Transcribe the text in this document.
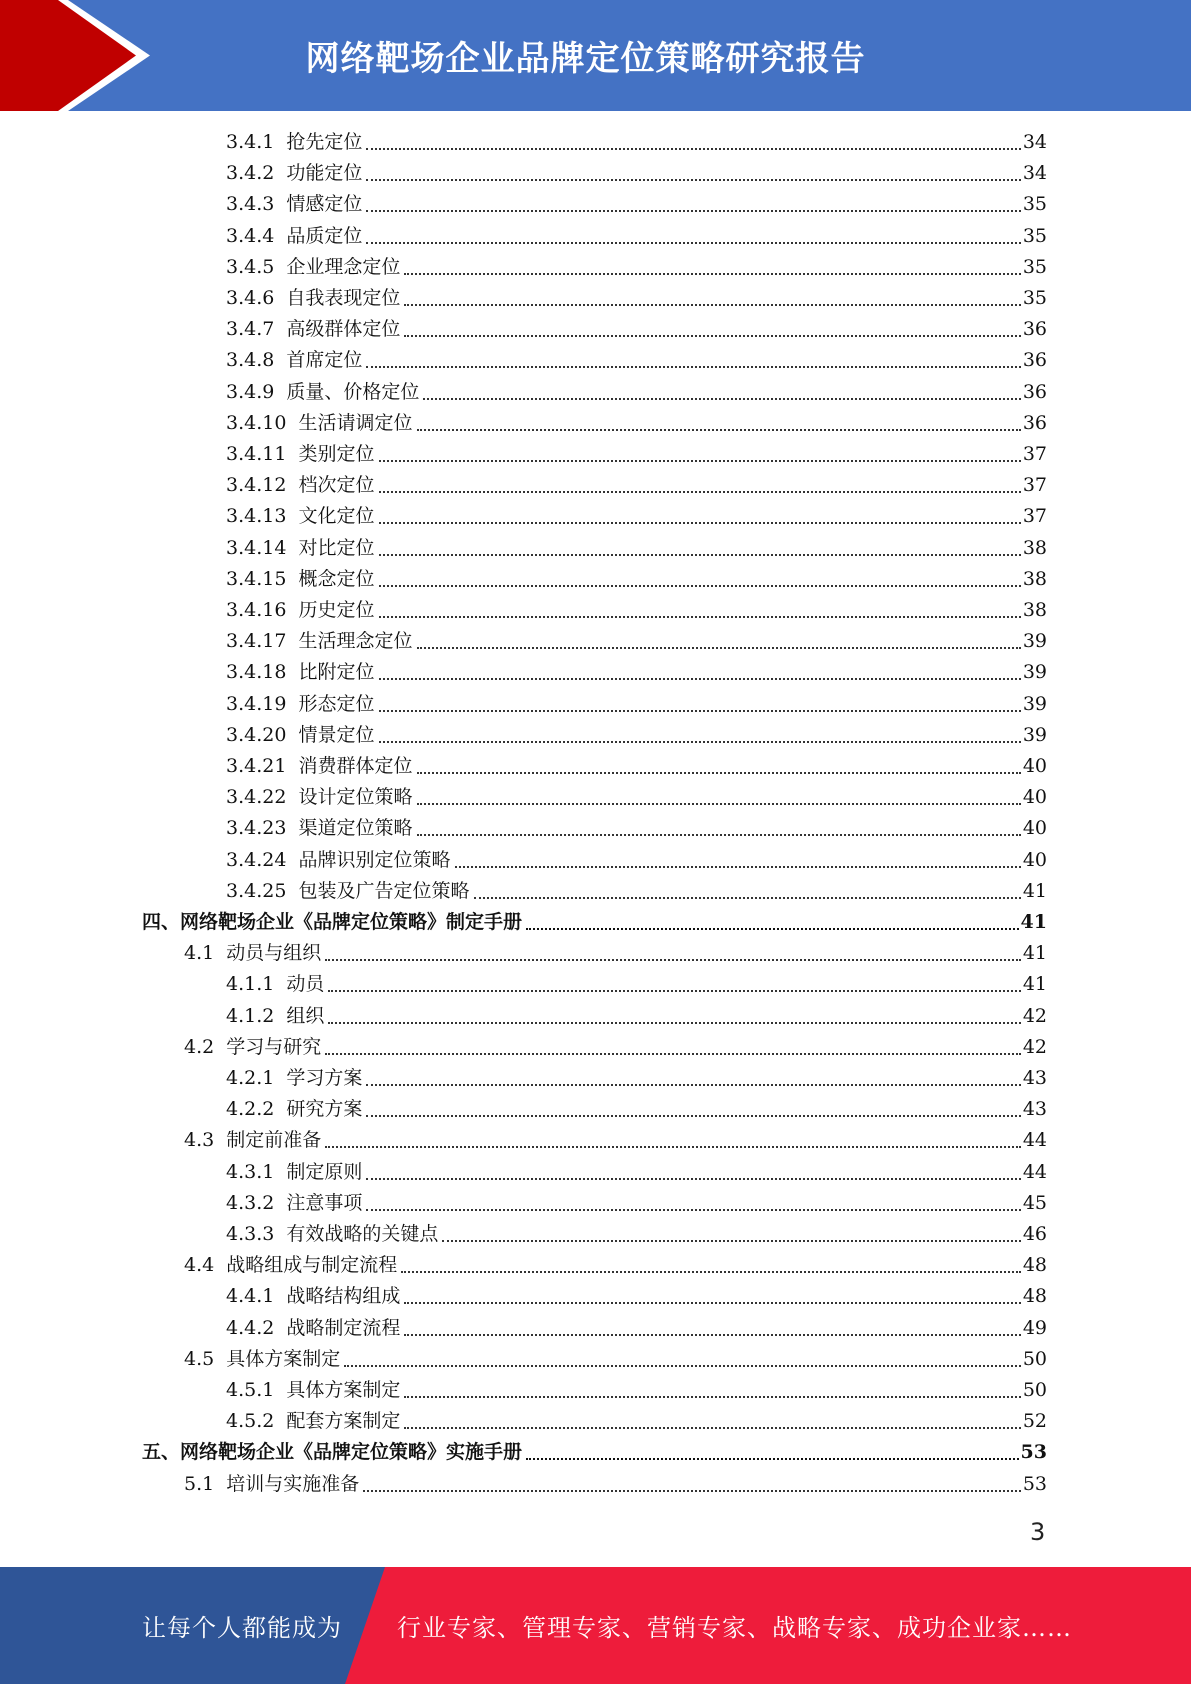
网络靶场企业品牌定位策略研究报告
3.4.1  抢先定位	34
3.4.2  功能定位	34
3.4.3  情感定位	35
3.4.4  品质定位	35
3.4.5  企业理念定位	35
3.4.6  自我表现定位	35
3.4.7  高级群体定位	36
3.4.8  首席定位	36
3.4.9  质量、价格定位	36
3.4.10  生活请调定位	36
3.4.11  类别定位	37
3.4.12  档次定位	37
3.4.13  文化定位	37
3.4.14  对比定位	38
3.4.15  概念定位	38
3.4.16  历史定位	38
3.4.17  生活理念定位	39
3.4.18  比附定位	39
3.4.19  形态定位	39
3.4.20  情景定位	39
3.4.21  消费群体定位	40
3.4.22  设计定位策略	40
3.4.23  渠道定位策略	40
3.4.24  品牌识别定位策略	40
3.4.25  包装及广告定位策略	41
四、网络靶场企业《品牌定位策略》制定手册	41
4.1  动员与组织	41
4.1.1  动员	41
4.1.2  组织	42
4.2  学习与研究	42
4.2.1  学习方案	43
4.2.2  研究方案	43
4.3  制定前准备	44
4.3.1  制定原则	44
4.3.2  注意事项	45
4.3.3  有效战略的关键点	46
4.4  战略组成与制定流程	48
4.4.1  战略结构组成	48
4.4.2  战略制定流程	49
4.5  具体方案制定	50
4.5.1  具体方案制定	50
4.5.2  配套方案制定	52
五、网络靶场企业《品牌定位策略》实施手册	53
5.1  培训与实施准备	53
3
让每个人都能成为 行业专家、管理专家、营销专家、战略专家、成功企业家……
